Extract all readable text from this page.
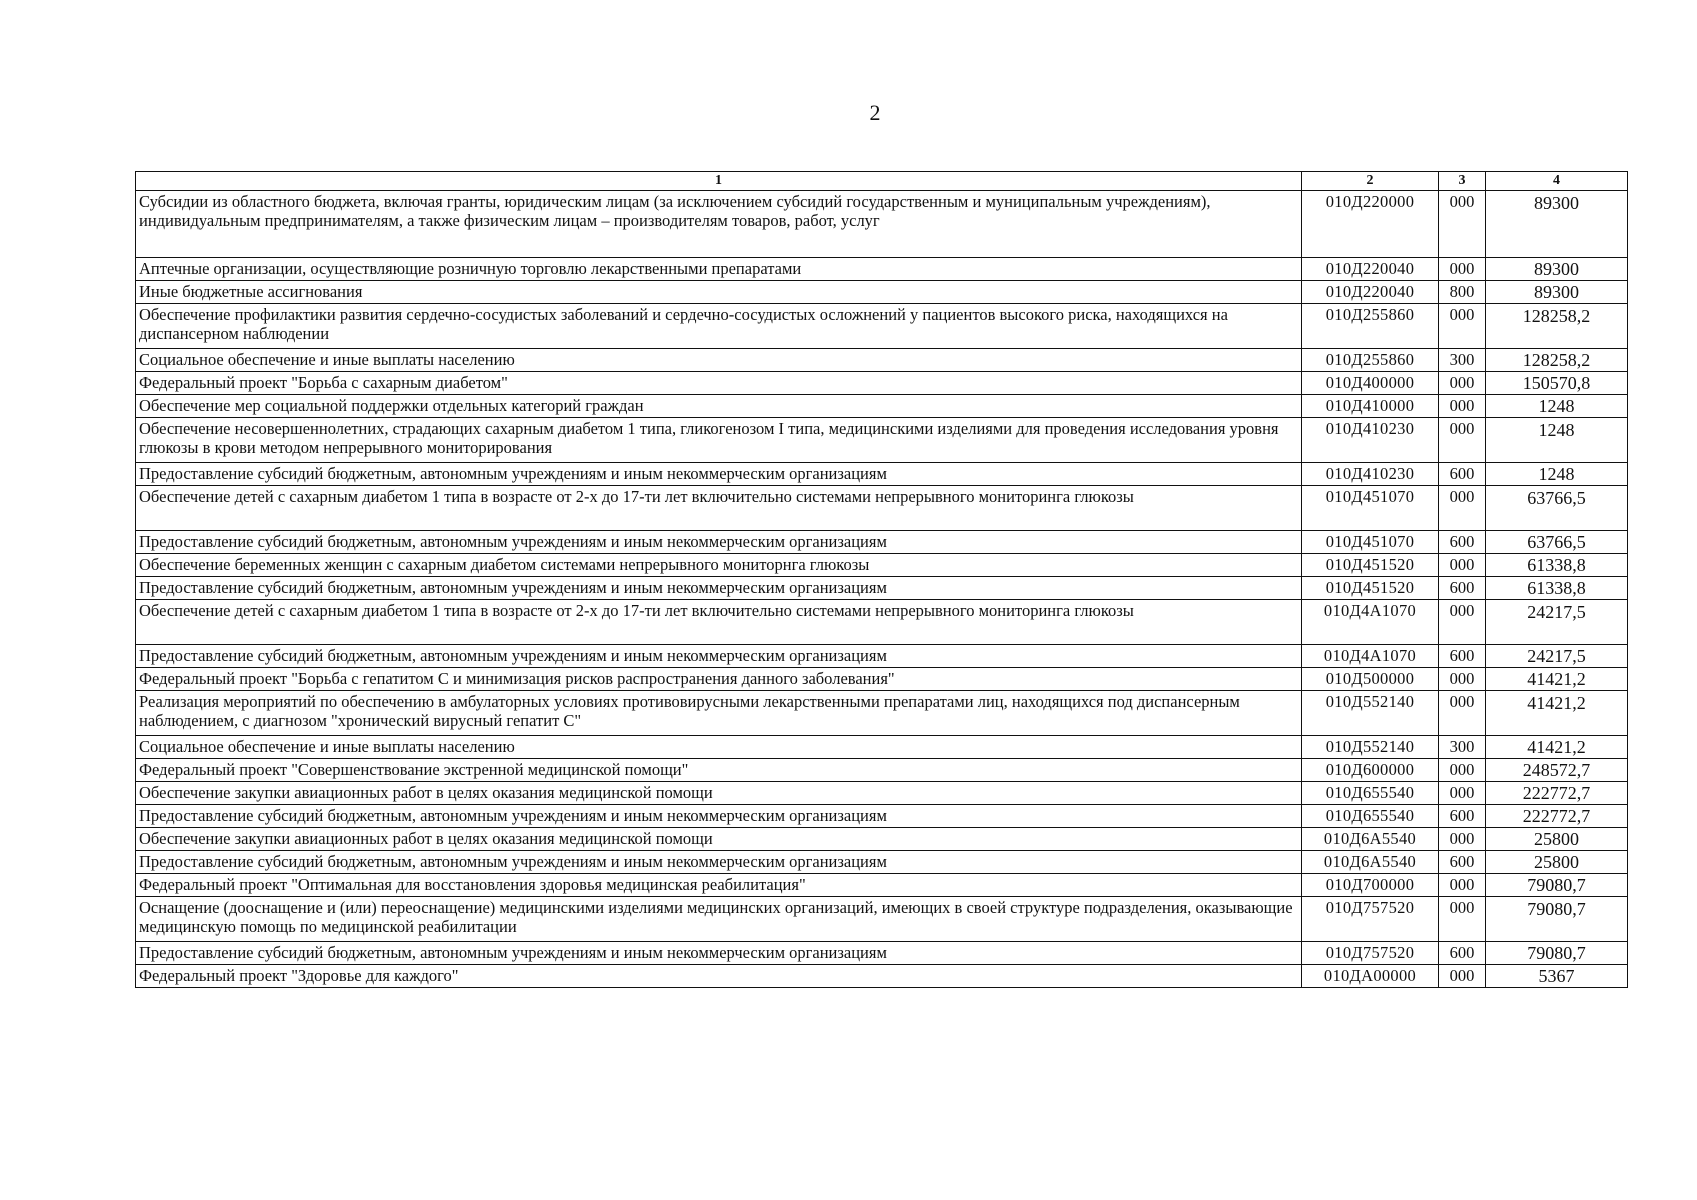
2
1	2	3	4
Субсидии из областного бюджета, включая гранты, юридическим лицам (за исключением субсидий государственным и муниципальным учреждениям), индивидуальным предпринимателям, а также физическим лицам – производителям товаров, работ, услуг	010Д220000	000	89300
Аптечные организации, осуществляющие розничную торговлю лекарственными препаратами	010Д220040	000	89300
Иные бюджетные ассигнования	010Д220040	800	89300
Обеспечение профилактики развития сердечно-сосудистых заболеваний и сердечно-сосудистых осложнений у пациентов высокого риска, находящихся на диспансерном наблюдении	010Д255860	000	128258,2
Социальное обеспечение и иные выплаты населению	010Д255860	300	128258,2
Федеральный проект "Борьба с сахарным диабетом"	010Д400000	000	150570,8
Обеспечение мер социальной поддержки отдельных категорий граждан	010Д410000	000	1248
Обеспечение несовершеннолетних, страдающих сахарным диабетом 1 типа, гликогенозом I типа, медицинскими изделиями для проведения исследования уровня глюкозы в крови методом непрерывного мониторирования	010Д410230	000	1248
Предоставление субсидий бюджетным, автономным учреждениям и иным некоммерческим организациям	010Д410230	600	1248
Обеспечение детей с сахарным диабетом 1 типа в возрасте от 2-х до 17-ти лет включительно системами непрерывного мониторинга глюкозы	010Д451070	000	63766,5
Предоставление субсидий бюджетным, автономным учреждениям и иным некоммерческим организациям	010Д451070	600	63766,5
Обеспечение беременных женщин с сахарным диабетом системами непрерывного мониторнга глюкозы	010Д451520	000	61338,8
Предоставление субсидий бюджетным, автономным учреждениям и иным некоммерческим организациям	010Д451520	600	61338,8
Обеспечение детей с сахарным диабетом 1 типа в возрасте от 2-х до 17-ти лет включительно системами непрерывного мониторинга глюкозы	010Д4А1070	000	24217,5
Предоставление субсидий бюджетным, автономным учреждениям и иным некоммерческим организациям	010Д4А1070	600	24217,5
Федеральный проект "Борьба с гепатитом С и минимизация рисков распространения данного заболевания"	010Д500000	000	41421,2
Реализация мероприятий по обеспечению в амбулаторных условиях противовирусными лекарственными препаратами лиц, находящихся под диспансерным наблюдением, с диагнозом "хронический вирусный гепатит С"	010Д552140	000	41421,2
Социальное обеспечение и иные выплаты населению	010Д552140	300	41421,2
Федеральный проект "Совершенствование экстренной медицинской помощи"	010Д600000	000	248572,7
Обеспечение закупки авиационных работ в целях оказания медицинской помощи	010Д655540	000	222772,7
Предоставление субсидий бюджетным, автономным учреждениям и иным некоммерческим организациям	010Д655540	600	222772,7
Обеспечение закупки авиационных работ в целях оказания медицинской помощи	010Д6А5540	000	25800
Предоставление субсидий бюджетным, автономным учреждениям и иным некоммерческим организациям	010Д6А5540	600	25800
Федеральный проект "Оптимальная для восстановления здоровья медицинская реабилитация"	010Д700000	000	79080,7
Оснащение (дооснащение и (или) переоснащение) медицинскими изделиями медицинских организаций, имеющих в своей структуре подразделения, оказывающие медицинскую помощь по медицинской реабилитации	010Д757520	000	79080,7
Предоставление субсидий бюджетным, автономным учреждениям и иным некоммерческим организациям	010Д757520	600	79080,7
Федеральный проект "Здоровье для каждого"	010ДА00000	000	5367
